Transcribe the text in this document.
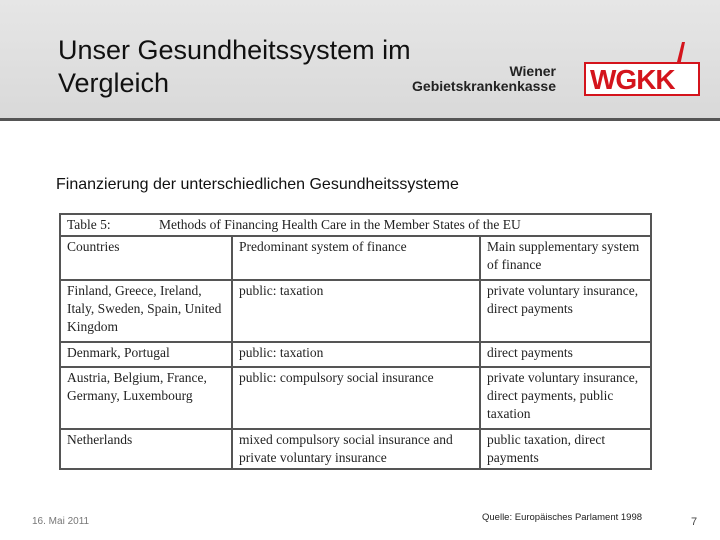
Unser Gesundheitssystem im Vergleich	Wiener
Gebietskrankenkasse WGKK

Finanzierung der unterschiedlichen Gesundheitssysteme

Table 5: Methods of Financing Health Care in the Member States of the EU		
Countries	Predominant system of finance	Main supplementary system of finance
Finland, Greece, Ireland, Italy, Sweden, Spain, United Kingdom	public: taxation	private voluntary insurance, direct payments
Denmark, Portugal	public: taxation	direct payments
Austria, Belgium, France, Germany, Luxembourg	public: compulsory social insurance	private voluntary insurance, direct payments, public taxation
Netherlands	mixed compulsory social insurance and private voluntary insurance	public taxation, direct payments
16. Mai 2011	Quelle: Europäisches Parlament 1998	7
